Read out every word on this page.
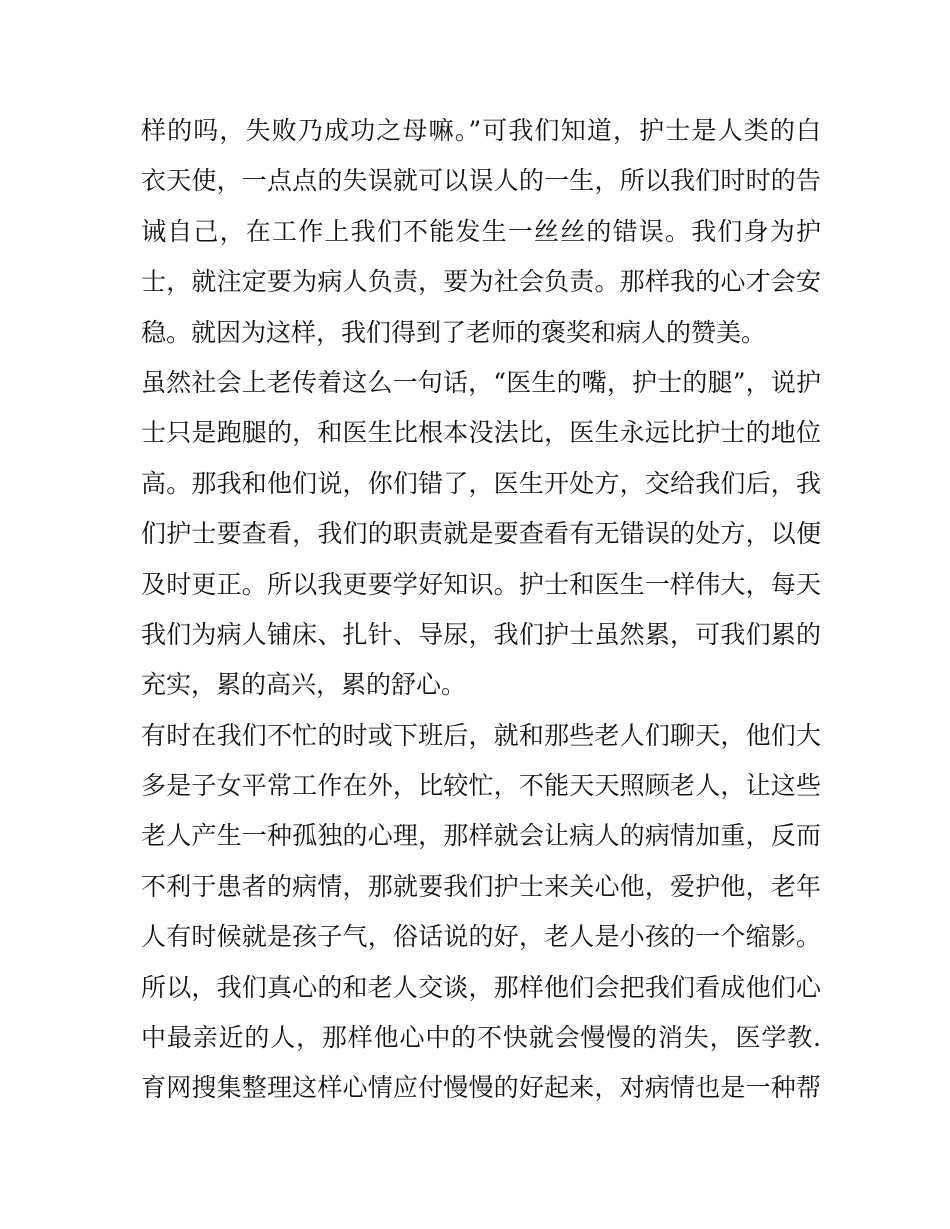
样的吗，失败乃成功之母嘛。”可我们知道，护士是人类的白
衣天使，一点点的失误就可以误人的一生，所以我们时时的告
诫自己，在工作上我们不能发生一丝丝的错误。我们身为护
士，就注定要为病人负责，要为社会负责。那样我的心才会安
稳。就因为这样，我们得到了老师的褒奖和病人的赞美。
虽然社会上老传着这么一句话，“医生的嘴，护士的腿”，说护
士只是跑腿的，和医生比根本没法比，医生永远比护士的地位
高。那我和他们说，你们错了，医生开处方，交给我们后，我
们护士要查看，我们的职责就是要查看有无错误的处方，以便
及时更正。所以我更要学好知识。护士和医生一样伟大，每天
我们为病人铺床、扎针、导尿，我们护士虽然累，可我们累的
充实，累的高兴，累的舒心。
有时在我们不忙的时或下班后，就和那些老人们聊天，他们大
多是子女平常工作在外，比较忙，不能天天照顾老人，让这些
老人产生一种孤独的心理，那样就会让病人的病情加重，反而
不利于患者的病情，那就要我们护士来关心他，爱护他，老年
人有时候就是孩子气，俗话说的好，老人是小孩的一个缩影。
所以，我们真心的和老人交谈，那样他们会把我们看成他们心
中最亲近的人，那样他心中的不快就会慢慢的消失，医学教.
育网搜集整理这样心情应付慢慢的好起来，对病情也是一种帮
